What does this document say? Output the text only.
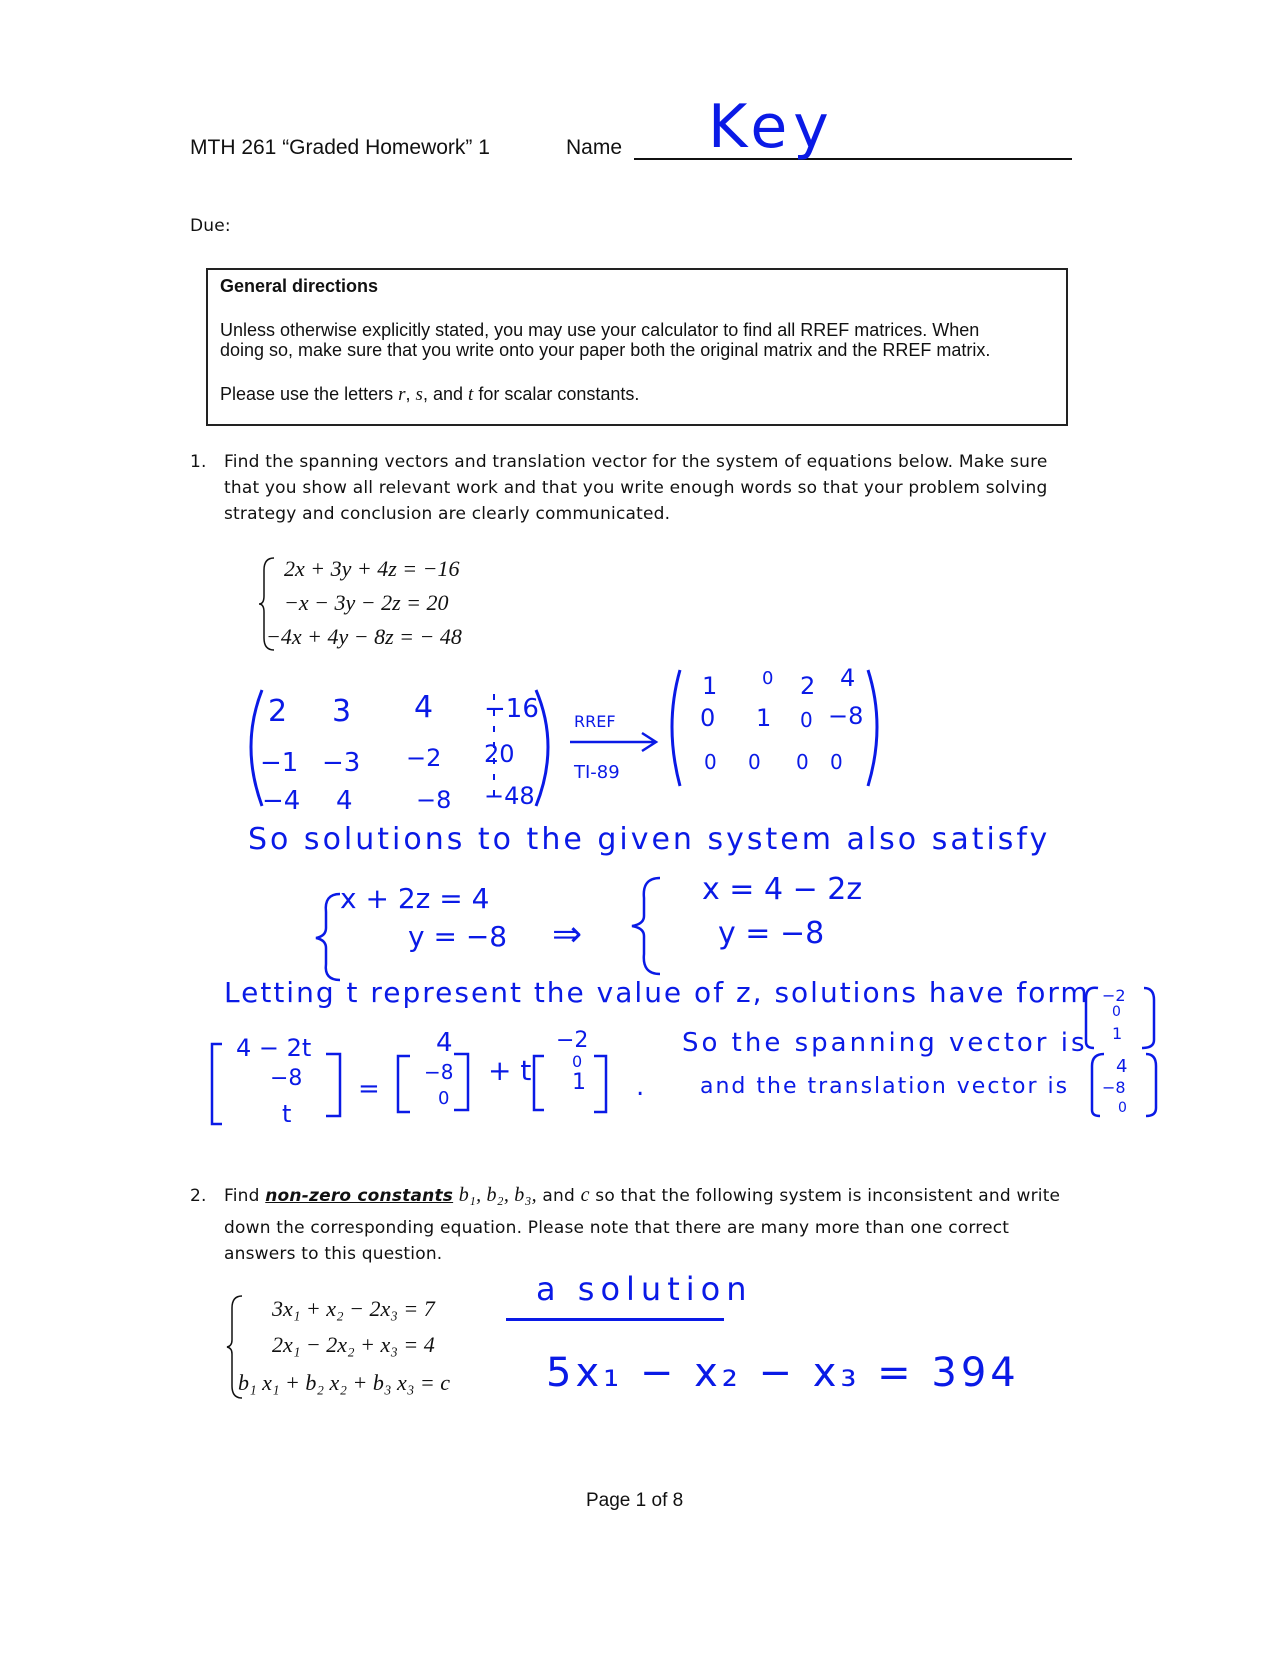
MTH 261 “Graded Homework” 1	Name Key
Due:
General directions
Unless otherwise explicitly stated, you may use your calculator to find all RREF matrices. When
doing so, make sure that you write onto your paper both the original matrix and the RREF matrix.
Please use the letters r, s, and t for scalar constants.
1. Find the spanning vectors and translation vector for the system of equations below. Make sure
that you show all relevant work and that you write enough words so that your problem solving
strategy and conclusion are clearly communicated.
2x + 3y + 4z = −16
−x − 3y − 2z = 20
−4x + 4y − 8z = − 48
2 3 4 −16
−1 −3 −2 20
−4 4	−8 −48
RREF
TI-89
1 0 2 4
0 1 0 −8
0 0 0 0
So solutions to the given system also satisfy
x + 2z = 4
y = −8 ⇒
x = 4 − 2z
y = −8
Letting t represent the value of z, solutions have form
4 − 2t
−8
t
=
4
−8
0
+ t
−2
0
1 .
So the spanning vector is
and the translation vector is
−2
0
1
4
−8
0
2. Find non-zero constants b₁, b₂, b₃, and c so that the following system is inconsistent and write
down the corresponding equation. Please note that there are many more than one correct
answers to this question.
3x₁ + x₂ − 2x₃ = 7
2x₁ − 2x₂ + x₃ = 4
b₁ x₁ + b₂ x₂ + b₃ x₃ = c
a solution
5x₁ − x₂ − x₃ = 394
Page 1 of 8
